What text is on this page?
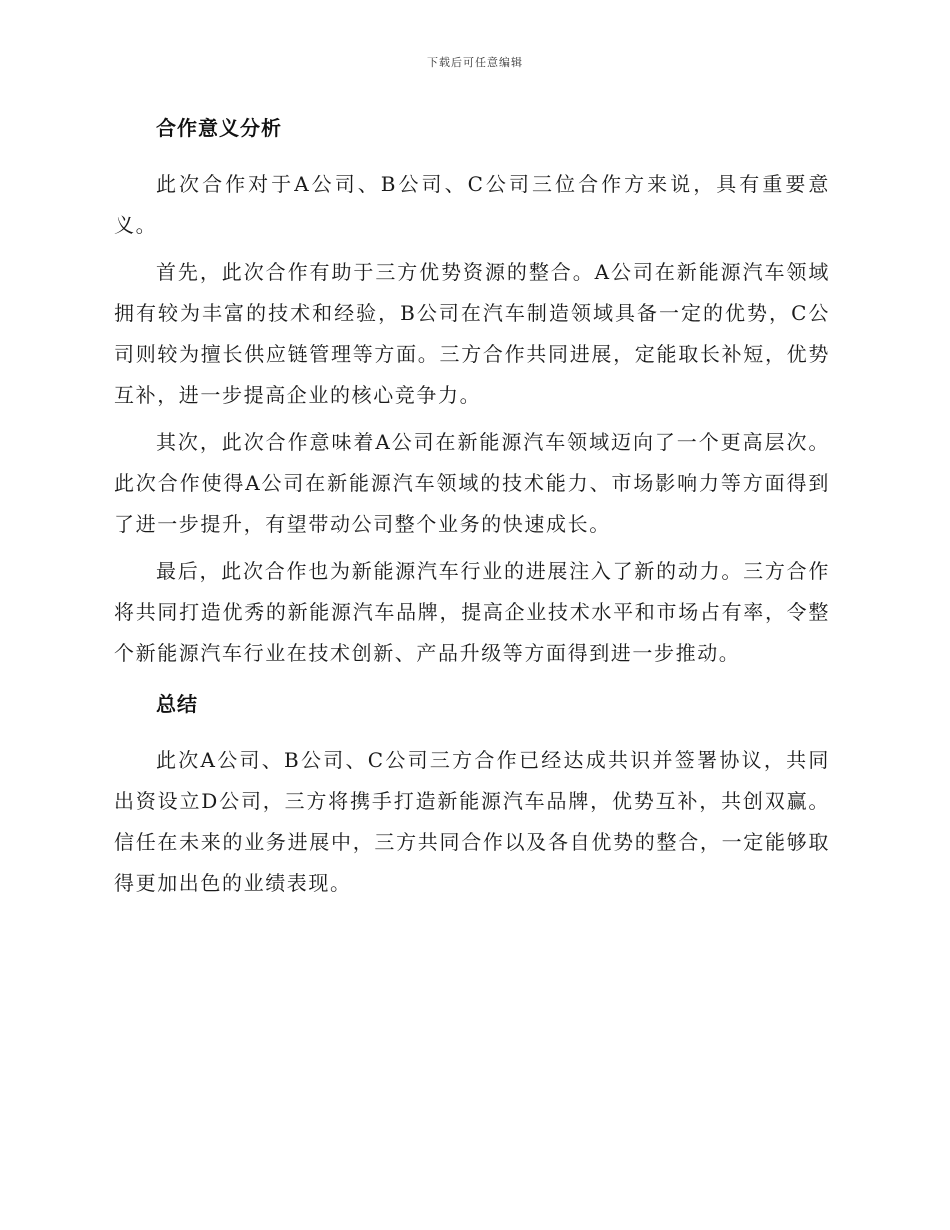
下载后可任意编辑
合作意义分析

此次合作对于A公司、B公司、C公司三位合作方来说，具有重要意义。

首先，此次合作有助于三方优势资源的整合。A公司在新能源汽车领域拥有较为丰富的技术和经验，B公司在汽车制造领域具备一定的优势，C公司则较为擅长供应链管理等方面。三方合作共同进展，定能取长补短，优势互补，进一步提高企业的核心竞争力。

其次，此次合作意味着A公司在新能源汽车领域迈向了一个更高层次。此次合作使得A公司在新能源汽车领域的技术能力、市场影响力等方面得到了进一步提升，有望带动公司整个业务的快速成长。

最后，此次合作也为新能源汽车行业的进展注入了新的动力。三方合作将共同打造优秀的新能源汽车品牌，提高企业技术水平和市场占有率，令整个新能源汽车行业在技术创新、产品升级等方面得到进一步推动。

总结

此次A公司、B公司、C公司三方合作已经达成共识并签署协议，共同出资设立D公司，三方将携手打造新能源汽车品牌，优势互补，共创双赢。信任在未来的业务进展中，三方共同合作以及各自优势的整合，一定能够取得更加出色的业绩表现。
